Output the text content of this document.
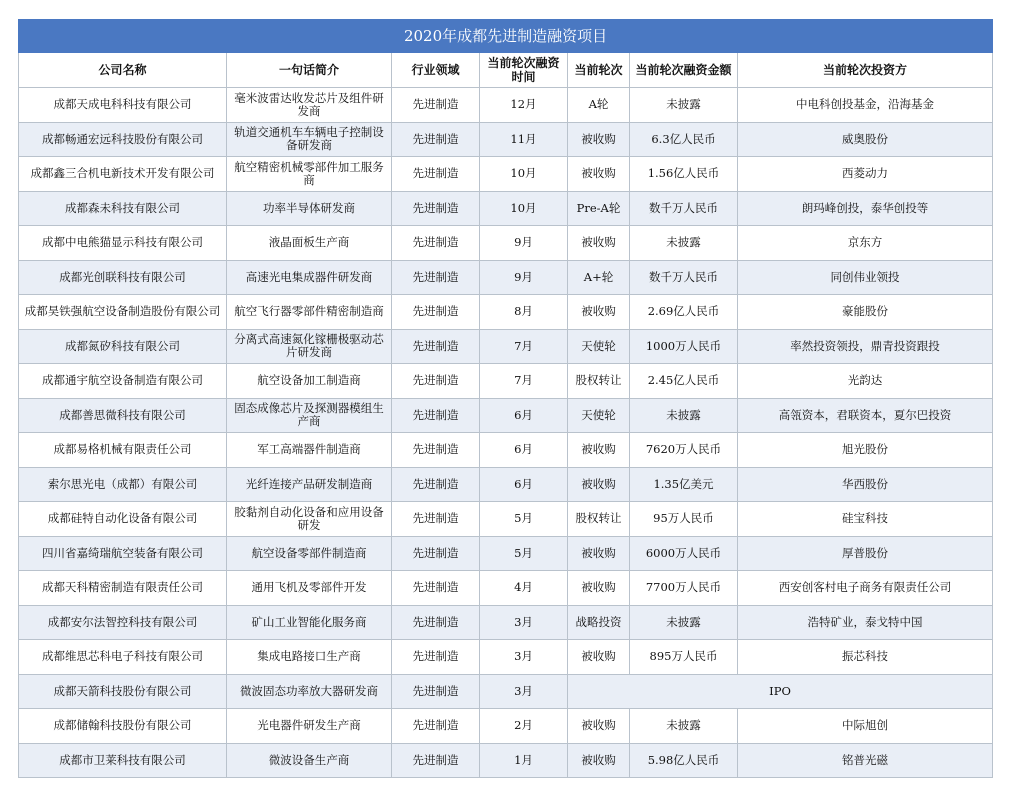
2020年成都先进制造融资项目						
公司名称	一句话简介	行业领域	当前轮次融资时间	当前轮次	当前轮次融资金额	当前轮次投资方
成都天成电科科技有限公司	毫米波雷达收发芯片及组件研发商	先进制造	12月	A轮	未披露	中电科创投基金，沿海基金
成都畅通宏远科技股份有限公司	轨道交通机车车辆电子控制设备研发商	先进制造	11月	被收购	6.3亿人民币	威奥股份
成都鑫三合机电新技术开发有限公司	航空精密机械零部件加工服务商	先进制造	10月	被收购	1.56亿人民币	西菱动力
成都森未科技有限公司	功率半导体研发商	先进制造	10月	Pre-A轮	数千万人民币	朗玛峰创投，泰华创投等
成都中电熊猫显示科技有限公司	液晶面板生产商	先进制造	9月	被收购	未披露	京东方
成都光创联科技有限公司	高速光电集成器件研发商	先进制造	9月	A+轮	数千万人民币	同创伟业领投
成都昊铁强航空设备制造股份有限公司	航空飞行器零部件精密制造商	先进制造	8月	被收购	2.69亿人民币	豪能股份
成都氮矽科技有限公司	分离式高速氮化镓栅极驱动芯片研发商	先进制造	7月	天使轮	1000万人民币	率然投资领投，鼎青投资跟投
成都通宇航空设备制造有限公司	航空设备加工制造商	先进制造	7月	股权转让	2.45亿人民币	光韵达
成都善思微科技有限公司	固态成像芯片及探测器模组生产商	先进制造	6月	天使轮	未披露	高瓴资本，君联资本，夏尔巴投资
成都易格机械有限责任公司	军工高端器件制造商	先进制造	6月	被收购	7620万人民币	旭光股份
索尔思光电（成都）有限公司	光纤连接产品研发制造商	先进制造	6月	被收购	1.35亿美元	华西股份
成都硅特自动化设备有限公司	胶黏剂自动化设备和应用设备研发	先进制造	5月	股权转让	95万人民币	硅宝科技
四川省嘉绮瑞航空装备有限公司	航空设备零部件制造商	先进制造	5月	被收购	6000万人民币	厚普股份
成都天科精密制造有限责任公司	通用飞机及零部件开发	先进制造	4月	被收购	7700万人民币	西安创客村电子商务有限责任公司
成都安尔法智控科技有限公司	矿山工业智能化服务商	先进制造	3月	战略投资	未披露	浩特矿业，泰戈特中国
成都维思芯科电子科技有限公司	集成电路接口生产商	先进制造	3月	被收购	895万人民币	振芯科技
成都天箭科技股份有限公司	微波固态功率放大器研发商	先进制造	3月	IPO		
成都储翰科技股份有限公司	光电器件研发生产商	先进制造	2月	被收购	未披露	中际旭创
成都市卫莱科技有限公司	微波设备生产商	先进制造	1月	被收购	5.98亿人民币	铭普光磁
